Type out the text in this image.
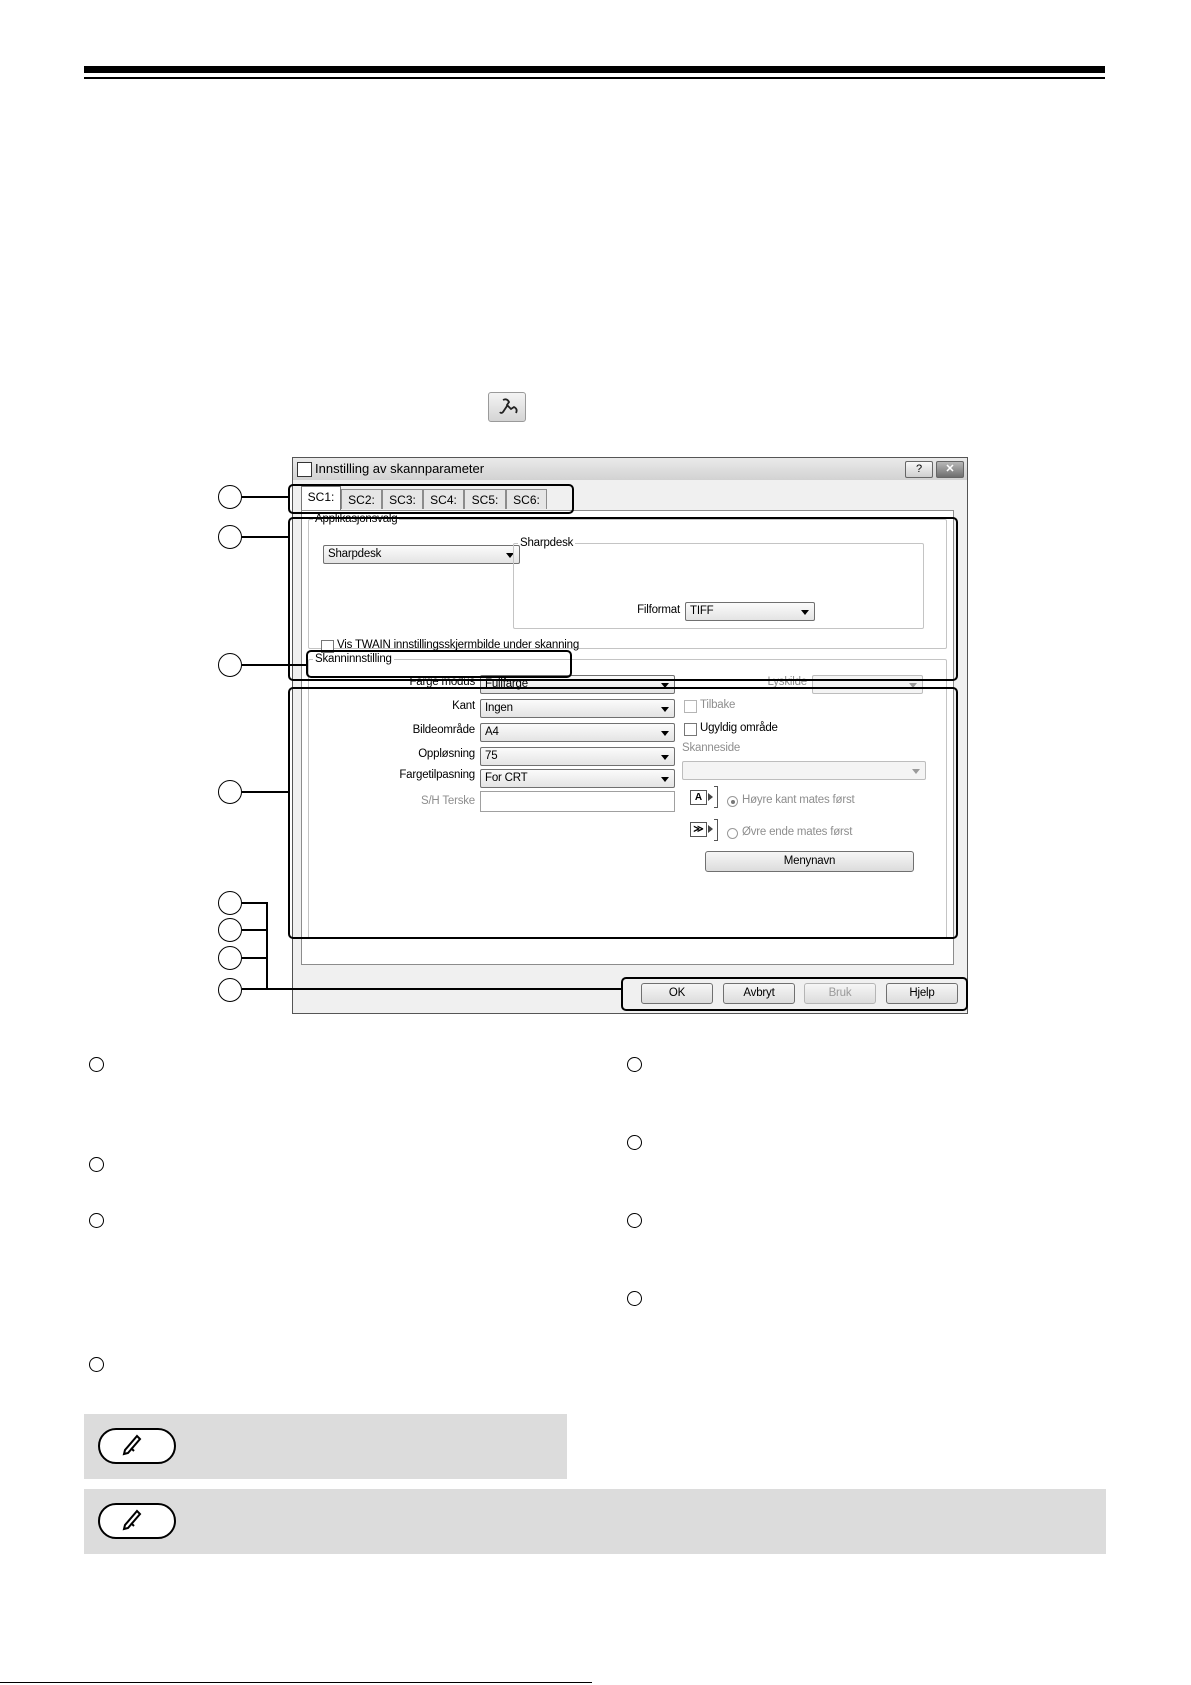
Innstilling av skannparameter	?	✕
SC1:	SC2:	SC3:	SC4:	SC5:	SC6:
Applikasjonsvalg
Sharpdesk
Sharpdesk
Filformat TIFF
Vis TWAIN innstillingsskjermbilde under skanning
Skanninnstilling
Farge modus Fullfarge
Kant Ingen
Bildeområde A4
Oppløsning 75
Fargetilpasning For CRT
S/H Terske
Lyskilde
Tilbake
Ugyldig område
Skanneside
A	Høyre kant mates først
≫	Øvre ende mates først
Menynavn
OK	Avbryt	Bruk	Hjelp
